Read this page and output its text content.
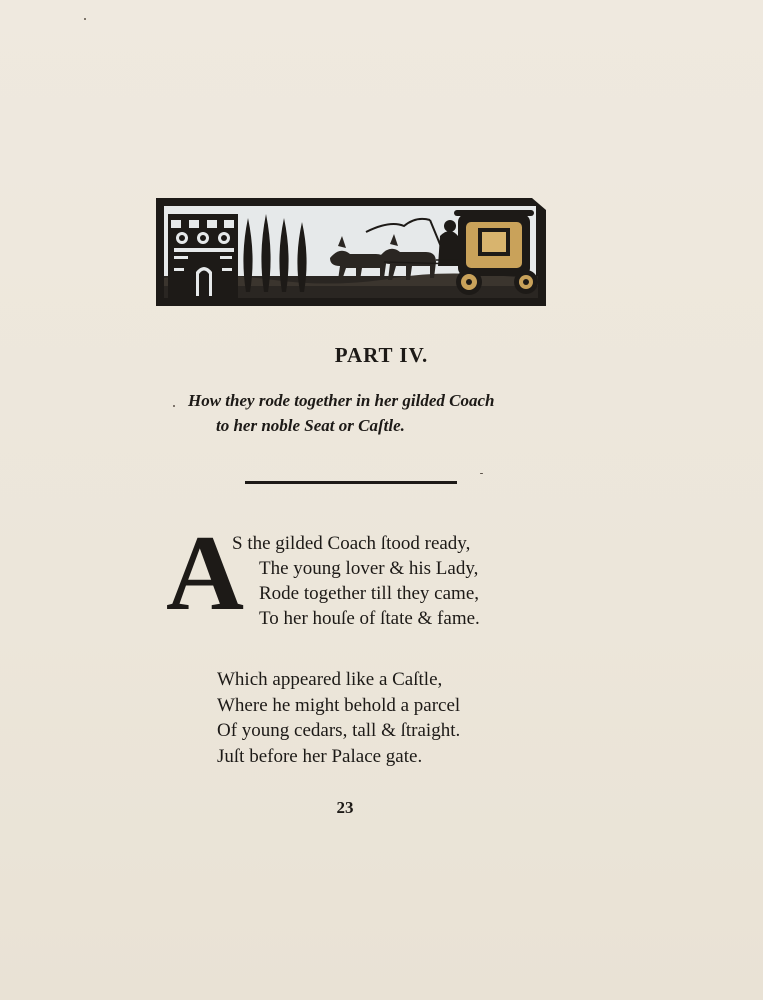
PART IV.
How they rode together in her gilded Coach
to her noble Seat or Caſtle.
A
S the gilded Coach ſtood ready,
The young lover & his Lady,
Rode together till they came,
To her houſe of ſtate & fame.
Which appeared like a Caſtle,
Where he might behold a parcel
Of young cedars, tall & ſtraight.
Juſt before her Palace gate.
23
